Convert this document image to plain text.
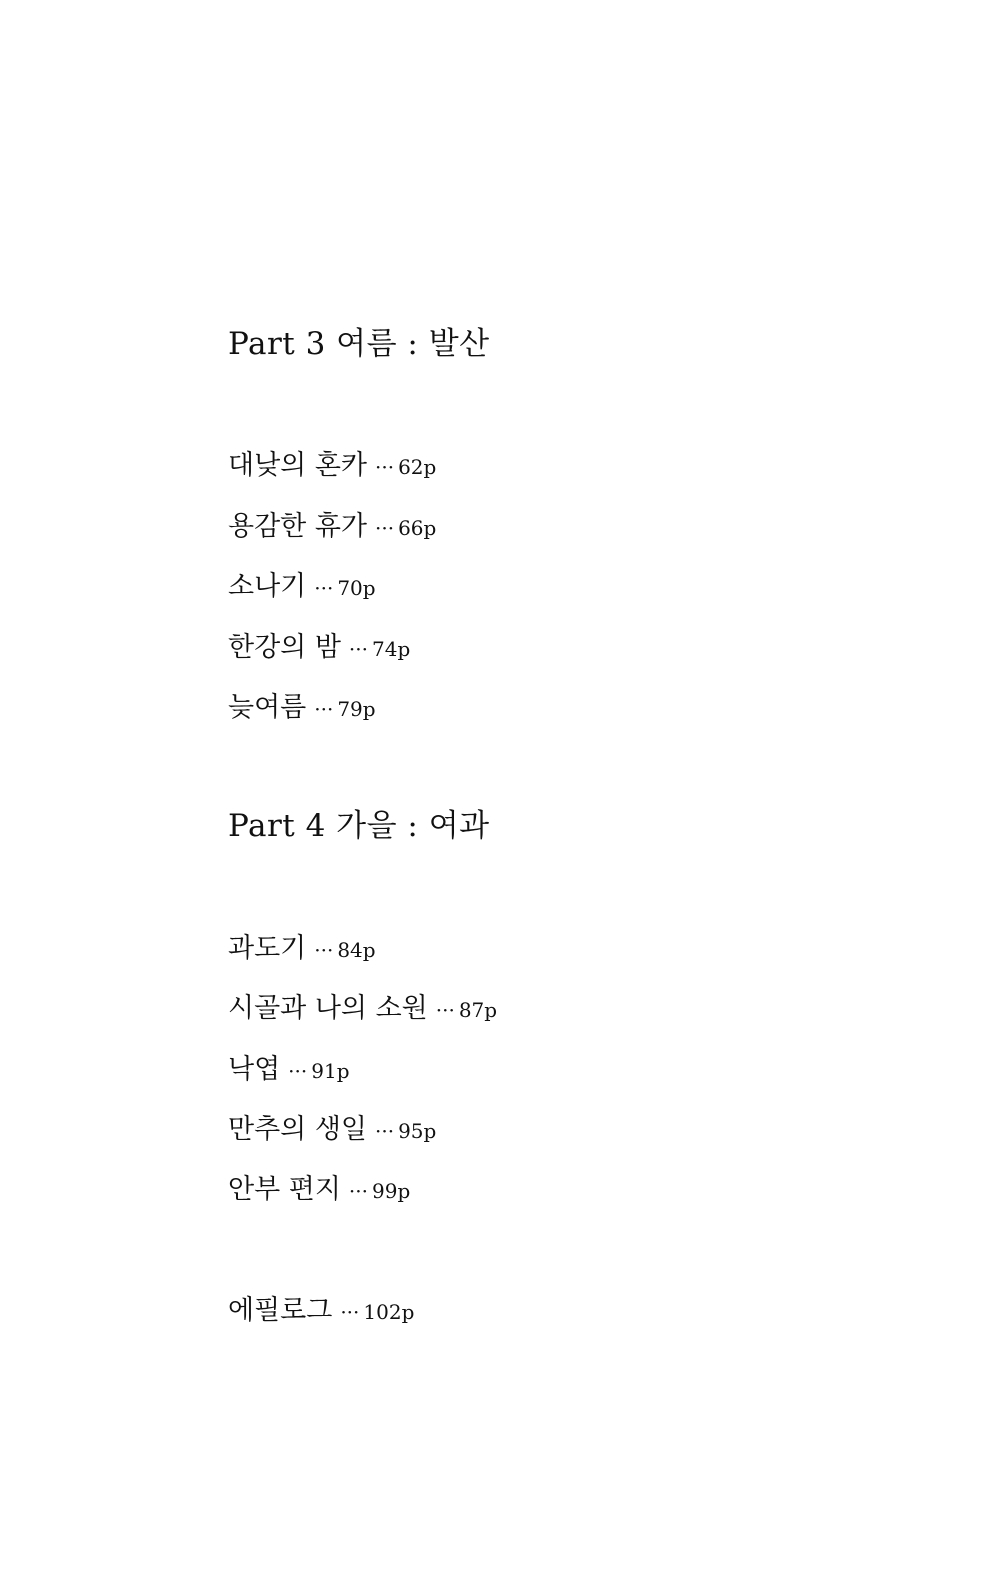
Part 3 여름 : 발산
대낮의 혼카 ··· 62p
용감한 휴가 ··· 66p
소나기 ··· 70p
한강의 밤 ··· 74p
늦여름 ··· 79p
Part 4 가을 : 여과
과도기 ··· 84p
시골과 나의 소원 ··· 87p
낙엽 ··· 91p
만추의 생일 ··· 95p
안부 편지 ··· 99p
에필로그 ··· 102p
